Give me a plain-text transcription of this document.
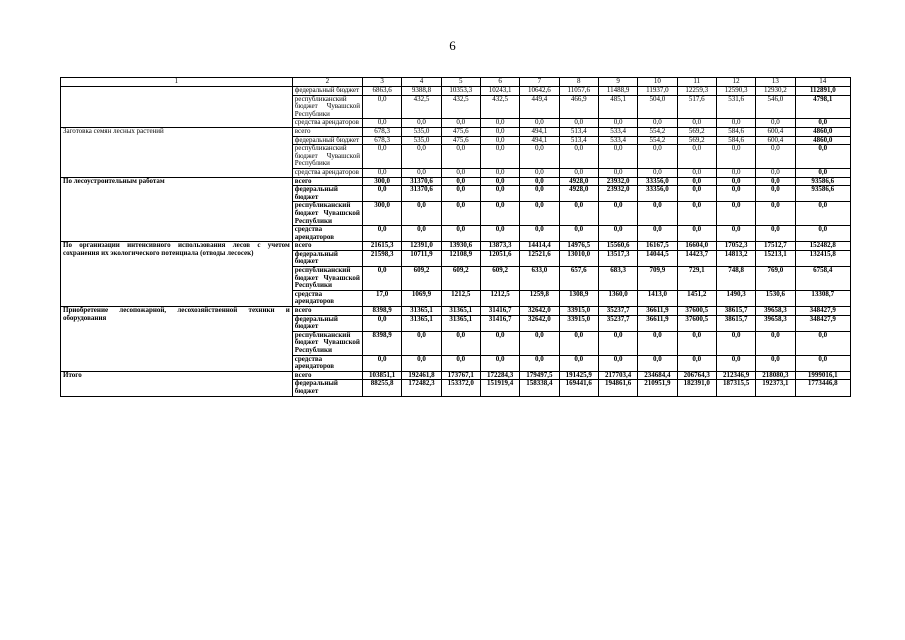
6
1	2	3	4	5	6	7	8	9	10	11	12	13	14
	федеральный бюджет	6863,6	9388,8	10353,3	10243,1	10642,6	11057,6	11488,9	11937,0	12259,3	12590,3	12930,2	112891,0
	республиканский бюджет Чувашской Республики	0,0	432,5	432,5	432,5	449,4	466,9	485,1	504,0	517,6	531,6	546,0	4798,1
	средства арендаторов	0,0	0,0	0,0	0,0	0,0	0,0	0,0	0,0	0,0	0,0	0,0	0,0
Заготовка семян лесных растений	всего	678,3	535,0	475,6	0,0	494,1	513,4	533,4	554,2	569,2	584,6	600,4	4860,0
	федеральный бюджет	678,3	535,0	475,6	0,0	494,1	513,4	533,4	554,2	569,2	584,6	600,4	4860,0
	республиканский бюджет Чувашской Республики	0,0	0,0	0,0	0,0	0,0	0,0	0,0	0,0	0,0	0,0	0,0	0,0
	средства арендаторов	0,0	0,0	0,0	0,0	0,0	0,0	0,0	0,0	0,0	0,0	0,0	0,0
По лесоустроительным работам	всего	300,0	31370,6	0,0	0,0	0,0	4928,0	23932,0	33356,0	0,0	0,0	0,0	93586,6
	федеральный бюджет	0,0	31370,6	0,0	0,0	0,0	4928,0	23932,0	33356,0	0,0	0,0	0,0	93586,6
	республиканский бюджет Чувашской Республики	300,0	0,0	0,0	0,0	0,0	0,0	0,0	0,0	0,0	0,0	0,0	0,0
	средства арендаторов	0,0	0,0	0,0	0,0	0,0	0,0	0,0	0,0	0,0	0,0	0,0	0,0
По организации интенсивного использования лесов с учетом сохранения их экологического потенциала (отводы лесосек)	всего	21615,3	12391,0	13930,6	13873,3	14414,4	14976,5	15560,6	16167,5	16604,0	17052,3	17512,7	152482,8
	федеральный бюджет	21598,3	10711,9	12108,9	12051,6	12521,6	13010,0	13517,3	14044,5	14423,7	14813,2	15213,1	132415,8
	республиканский бюджет Чувашской Республики	0,0	609,2	609,2	609,2	633,0	657,6	683,3	709,9	729,1	748,8	769,0	6758,4
	средства арендаторов	17,0	1069,9	1212,5	1212,5	1259,8	1308,9	1360,0	1413,0	1451,2	1490,3	1530,6	13308,7
Приобретение лесопожарной, лесохозяйственной техники и оборудования	всего	8398,9	31365,1	31365,1	31416,7	32642,0	33915,0	35237,7	36611,9	37600,5	38615,7	39658,3	348427,9
	федеральный бюджет	0,0	31365,1	31365,1	31416,7	32642,0	33915,0	35237,7	36611,9	37600,5	38615,7	39658,3	348427,9
	республиканский бюджет Чувашской Республики	8398,9	0,0	0,0	0,0	0,0	0,0	0,0	0,0	0,0	0,0	0,0	0,0
	средства арендаторов	0,0	0,0	0,0	0,0	0,0	0,0	0,0	0,0	0,0	0,0	0,0	0,0
Итого	всего	103851,1	192461,8	173767,1	172284,3	179497,5	191425,9	217703,4	234684,4	206764,3	212346,9	218080,3	1999016,1
	федеральный бюджет	88255,8	172482,3	153372,0	151919,4	158338,4	169441,6	194861,6	210951,9	182391,0	187315,5	192373,1	1773446,8
